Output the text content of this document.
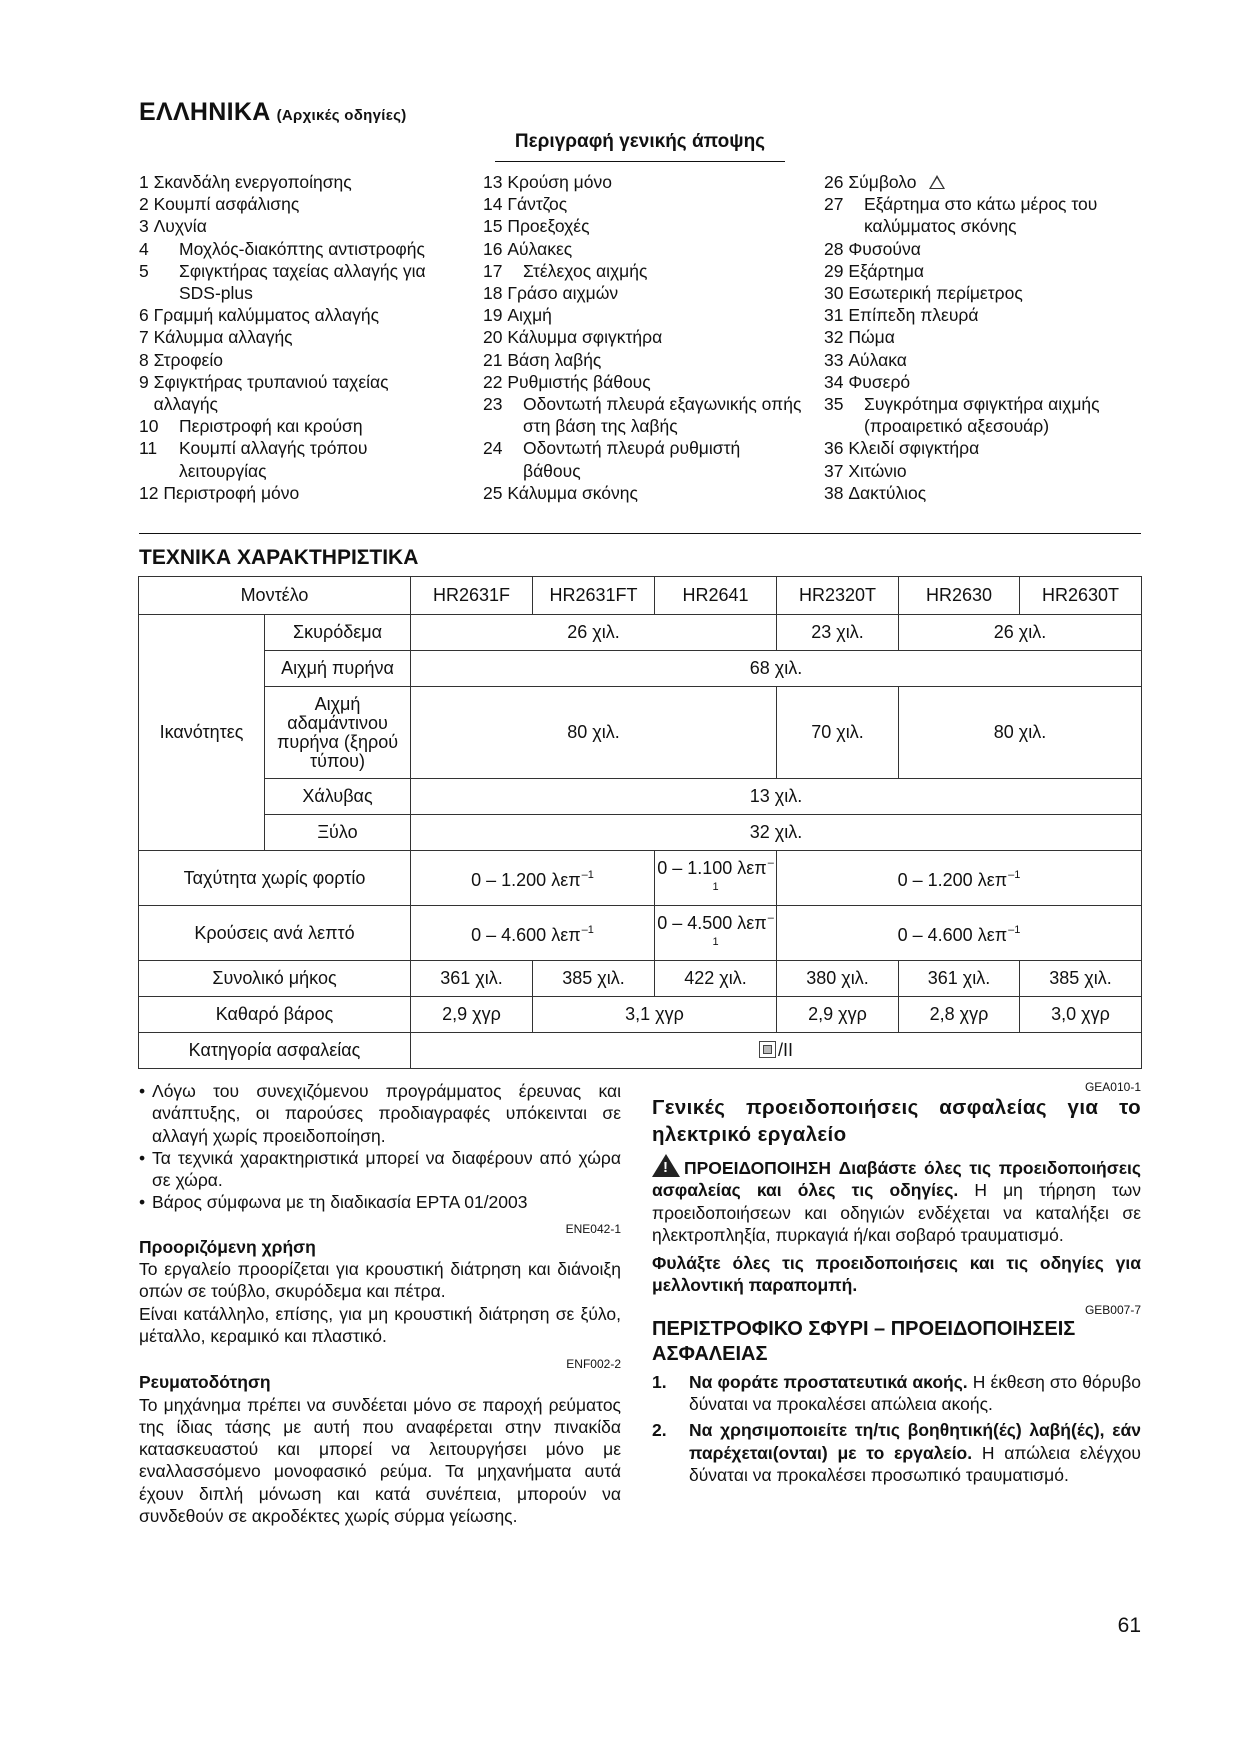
ΕΛΛΗΝΙΚΑ (Αρχικές οδηγίες)
Περιγραφή γενικής άποψης
1
Σκανδάλη ενεργοποίησης
2
Κουμπί ασφάλισης
3
Λυχνία
4	Μοχλός-διακόπτης αντιστροφής
5	Σφιγκτήρας ταχείας αλλαγής για SDS-plus
6
Γραμμή καλύμματος αλλαγής
7
Κάλυμμα αλλαγής
8
Στροφείο
9
Σφιγκτήρας τρυπανιού ταχείας αλλαγής
10	Περιστροφή και κρούση
11	Κουμπί αλλαγής τρόπου λειτουργίας
12
Περιστροφή μόνο
13
Κρούση μόνο
14
Γάντζος
15
Προεξοχές
16
Αύλακες
17	Στέλεχος αιχμής
18
Γράσο αιχμών
19
Αιχμή
20
Κάλυμμα σφιγκτήρα
21
Βάση λαβής
22
Ρυθμιστής βάθους
23	Οδοντωτή πλευρά εξαγωνικής οπής στη βάση της λαβής
24	Οδοντωτή πλευρά ρυθμιστή βάθους
25
Κάλυμμα σκόνης
26
Σύμβολο
27	Εξάρτημα στο κάτω μέρος του καλύμματος σκόνης
28
Φυσούνα
29
Εξάρτημα
30
Εσωτερική περίμετρος
31
Επίπεδη πλευρά
32
Πώμα
33
Αύλακα
34
Φυσερό
35	Συγκρότημα σφιγκτήρα αιχμής (προαιρετικό αξεσουάρ)
36
Κλειδί σφιγκτήρα
37
Χιτώνιο
38
Δακτύλιος
ΤΕΧΝΙΚΑ ΧΑΡΑΚΤΗΡΙΣΤΙΚΑ
Μοντέλο		HR2631F	HR2631FT	HR2641	HR2320T	HR2630	HR2630T
Ικανότητες	Σκυρόδεμα	26 χιλ.			23 χιλ.	26 χιλ.	
	Αιχμή πυρήνα	68 χιλ.					
	Αιχμή αδαμάντινου πυρήνα (ξηρού τύπου)	80 χιλ.			70 χιλ.	80 χιλ.	
	Χάλυβας	13 χιλ.					
	Ξύλο	32 χιλ.					
Ταχύτητα χωρίς φορτίο		0 – 1.200 λεπ$^{-1}$		0 – 1.100 λεπ$^{-1}$	0 – 1.200 λεπ$^{-1}$
Κρούσεις ανά λεπτό		0 – 4.600 λεπ$^{-1}$		0 – 4.500 λεπ$^{-1}$	0 – 4.600 λεπ$^{-1}$
Συνολικό μήκος		361 χιλ.	385 χιλ.	422 χιλ.	380 χιλ.	361 χιλ.	385 χιλ.
Καθαρό βάρος		2,9 χγρ	3,1 χγρ		2,9 χγρ	2,8 χγρ	3,0 χγρ
Κατηγορία ασφαλείας		/II					
• Λόγω του συνεχιζόμενου προγράμματος έρευνας και ανάπτυξης, οι παρούσες προδιαγραφές υπόκεινται σε αλλαγή χωρίς προειδοποίηση.
• Τα τεχνικά χαρακτηριστικά μπορεί να διαφέρουν από χώρα σε χώρα.
• Βάρος σύμφωνα με τη διαδικασία EPTA 01/2003
ENE042-1
Προοριζόμενη χρήση
Το εργαλείο προορίζεται για κρουστική διάτρηση και διάνοιξη οπών σε τούβλο, σκυρόδεμα και πέτρα.
Είναι κατάλληλο, επίσης, για μη κρουστική διάτρηση σε ξύλο, μέταλλο, κεραμικό και πλαστικό.
ENF002-2
Ρευματοδότηση
Το μηχάνημα πρέπει να συνδέεται μόνο σε παροχή ρεύματος της ίδιας τάσης με αυτή που αναφέρεται στην πινακίδα κατασκευαστού και μπορεί να λειτουργήσει μόνο με εναλλασσόμενο μονοφασικό ρεύμα. Τα μηχανήματα αυτά έχουν διπλή μόνωση και κατά συνέπεια, μπορούν να συνδεθούν σε ακροδέκτες χωρίς σύρμα γείωσης.
GEA010-1
Γενικές προειδοποιήσεις ασφαλείας για το ηλεκτρικό εργαλείο
!ΠΡΟΕΙΔΟΠΟΙΗΣΗ Διαβάστε όλες τις προειδοποιήσεις ασφαλείας και όλες τις οδηγίες. Η μη τήρηση των προειδοποιήσεων και οδηγιών ενδέχεται να καταλήξει σε ηλεκτροπληξία, πυρκαγιά ή/και σοβαρό τραυματισμό.
Φυλάξτε όλες τις προειδοποιήσεις και τις οδηγίες για μελλοντική παραπομπή.
GEB007-7
ΠΕΡΙΣΤΡΟΦΙΚΟ ΣΦΥΡΙ – ΠΡΟΕΙΔΟΠΟΙΗΣΕΙΣ ΑΣΦΑΛΕΙΑΣ
1.	Να φοράτε προστατευτικά ακοής. Η έκθεση στο θόρυβο δύναται να προκαλέσει απώλεια ακοής.
2.	Να χρησιμοποιείτε τη/τις βοηθητική(ές) λαβή(ές), εάν παρέχεται(ονται) με το εργαλείο. Η απώλεια ελέγχου δύναται να προκαλέσει προσωπικό τραυματισμό.
61
